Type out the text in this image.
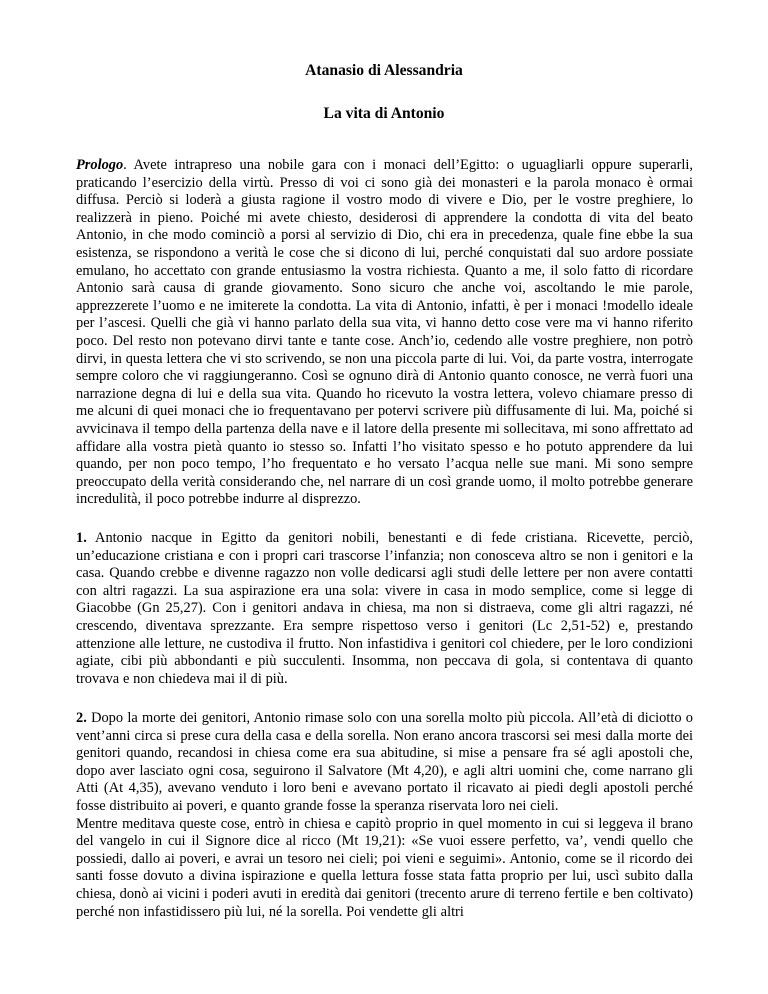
Atanasio di Alessandria
La vita di Antonio

Prologo. Avete intrapreso una nobile gara con i monaci dell’Egitto: o uguagliarli oppure superarli, praticando l’esercizio della virtù. Presso di voi ci sono già dei monasteri e la parola monaco è ormai diffusa. Perciò si loderà a giusta ragione il vostro modo di vivere e Dio, per le vostre preghiere, lo realizzerà in pieno. Poiché mi avete chiesto, desiderosi di apprendere la condotta di vita del beato Antonio, in che modo cominciò a porsi al servizio di Dio, chi era in precedenza, quale fine ebbe la sua esistenza, se rispondono a verità le cose che si dicono di lui, perché conquistati dal suo ardore possiate emulano, ho accettato con grande entusiasmo la vostra richiesta. Quanto a me, il solo fatto di ricordare Antonio sarà causa di grande giovamento. Sono sicuro che anche voi, ascoltando le mie parole, apprezzerete l’uomo e ne imiterete la condotta. La vita di Antonio, infatti, è per i monaci !modello ideale per l’ascesi. Quelli che già vi hanno parlato della sua vita, vi hanno detto cose vere ma vi hanno riferito poco. Del resto non potevano dirvi tante e tante cose. Anch’io, cedendo alle vostre preghiere, non potrò dirvi, in questa lettera che vi sto scrivendo, se non una piccola parte di lui. Voi, da parte vostra, interrogate sempre coloro che vi raggiungeranno. Così se ognuno dirà di Antonio quanto conosce, ne verrà fuori una narrazione degna di lui e della sua vita. Quando ho ricevuto la vostra lettera, volevo chiamare presso di me alcuni di quei monaci che io frequentavano per potervi scrivere più diffusamente di lui. Ma, poiché si avvicinava il tempo della partenza della nave e il latore della presente mi sollecitava, mi sono affrettato ad affidare alla vostra pietà quanto io stesso so. Infatti l’ho visitato spesso e ho potuto apprendere da lui quando, per non poco tempo, l’ho frequentato e ho versato l’acqua nelle sue mani. Mi sono sempre preoccupato della verità considerando che, nel narrare di un così grande uomo, il molto potrebbe generare incredulità, il poco potrebbe indurre al disprezzo.

1. Antonio nacque in Egitto da genitori nobili, benestanti e di fede cristiana. Ricevette, perciò, un’educazione cristiana e con i propri cari trascorse l’infanzia; non conosceva altro se non i genitori e la casa. Quando crebbe e divenne ragazzo non volle dedicarsi agli studi delle lettere per non avere contatti con altri ragazzi. La sua aspirazione era una sola: vivere in casa in modo semplice, come si legge di Giacobbe (Gn 25,27). Con i genitori andava in chiesa, ma non si distraeva, come gli altri ragazzi, né crescendo, diventava sprezzante. Era sempre rispettoso verso i genitori (Lc 2,51-52) e, prestando attenzione alle letture, ne custodiva il frutto. Non infastidiva i genitori col chiedere, per le loro condizioni agiate, cibi più abbondanti e più succulenti. Insomma, non peccava di gola, si contentava di quanto trovava e non chiedeva mai il di più.

2. Dopo la morte dei genitori, Antonio rimase solo con una sorella molto più piccola. All’età di diciotto o vent’anni circa si prese cura della casa e della sorella. Non erano ancora trascorsi sei mesi dalla morte dei genitori quando, recandosi in chiesa come era sua abitudine, si mise a pensare fra sé agli apostoli che, dopo aver lasciato ogni cosa, seguirono il Salvatore (Mt 4,20), e agli altri uomini che, come narrano gli Atti (At 4,35), avevano venduto i loro beni e avevano portato il ricavato ai piedi degli apostoli perché fosse distribuito ai poveri, e quanto grande fosse la speranza riservata loro nei cieli.
Mentre meditava queste cose, entrò in chiesa e capitò proprio in quel momento in cui si leggeva il brano del vangelo in cui il Signore dice al ricco (Mt 19,21): «Se vuoi essere perfetto, va’, vendi quello che possiedi, dallo ai poveri, e avrai un tesoro nei cieli; poi vieni e seguimi». Antonio, come se il ricordo dei santi fosse dovuto a divina ispirazione e quella lettura fosse stata fatta proprio per lui, uscì subito dalla chiesa, donò ai vicini i poderi avuti in eredità dai genitori (trecento arure di terreno fertile e ben coltivato) perché non infastidissero più lui, né la sorella. Poi vendette gli altri
